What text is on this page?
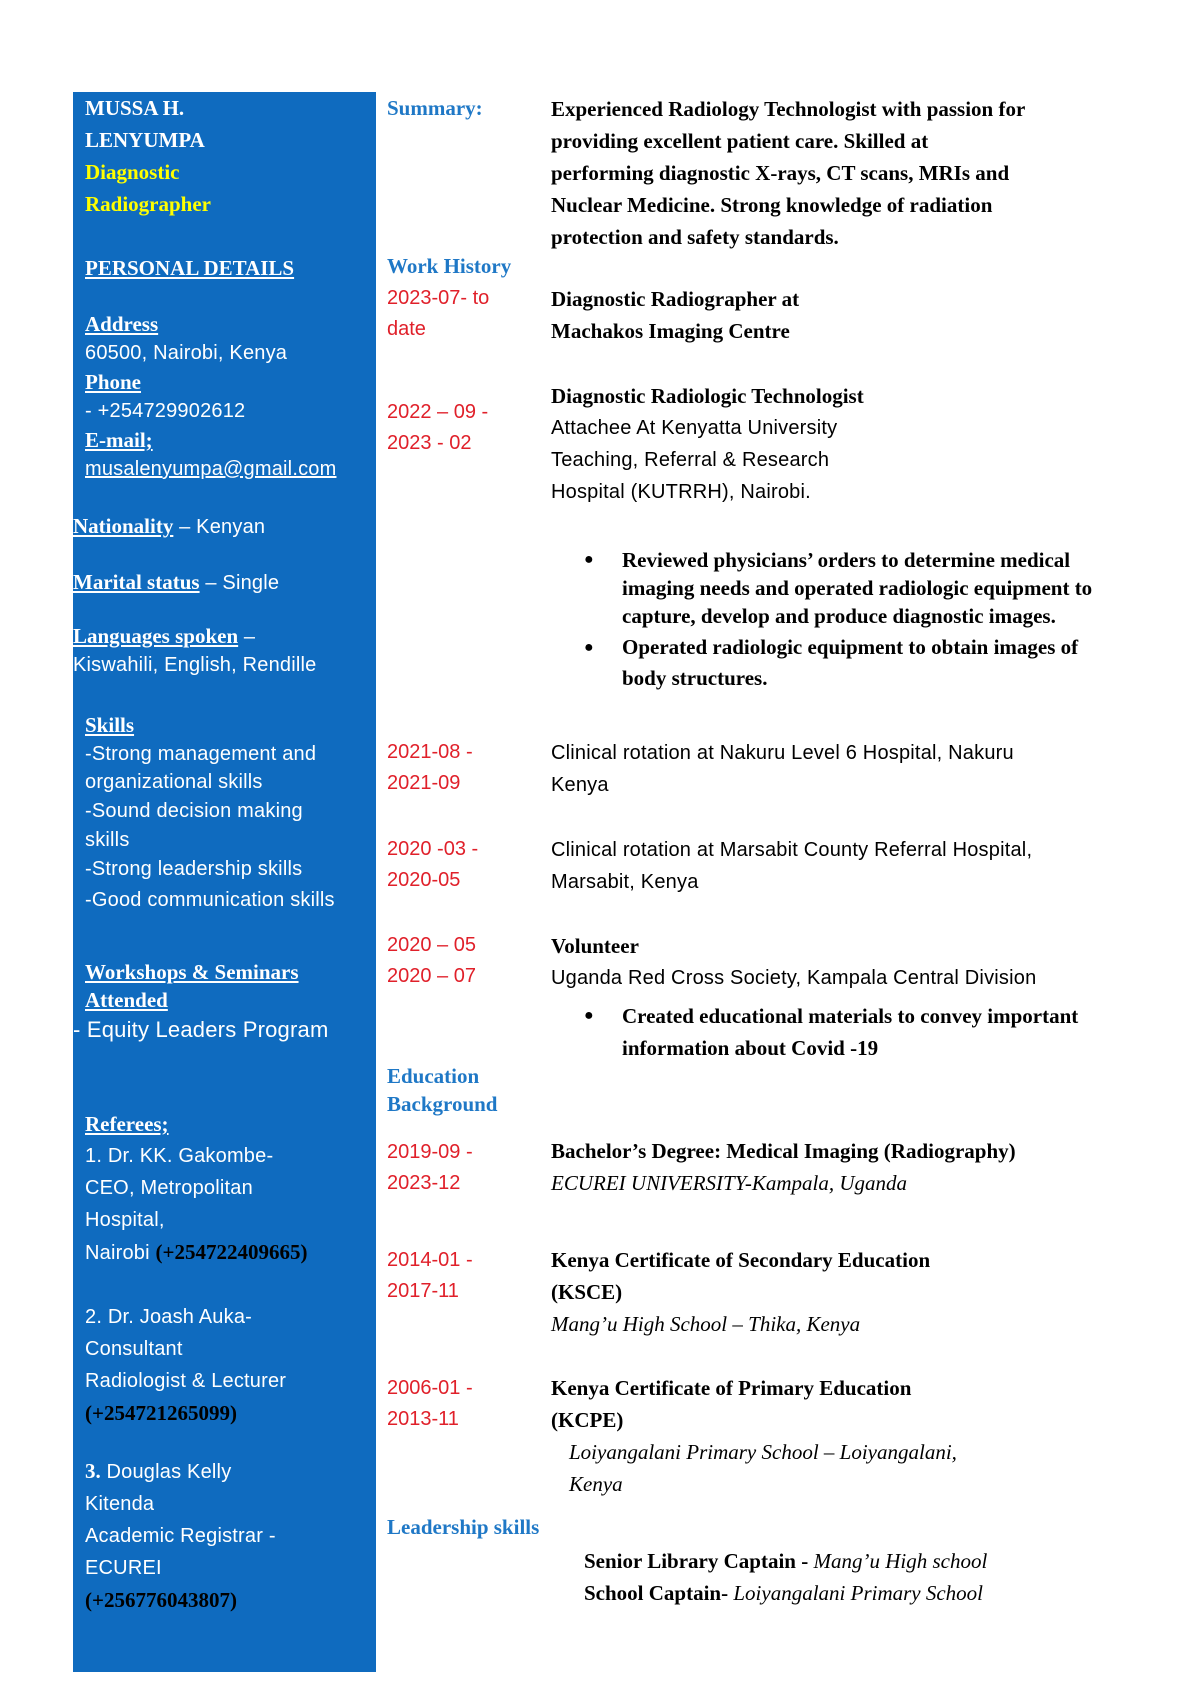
MUSSA H.
LENYUMPA
Diagnostic
Radiographer
PERSONAL DETAILS
Address
60500, Nairobi, Kenya
Phone
- +254729902612
E-mail;
musalenyumpa@gmail.com
Nationality – Kenyan
Marital status – Single
Languages spoken –
Kiswahili, English, Rendille
Skills
-Strong management and
organizational skills
-Sound decision making
skills
-Strong leadership skills
-Good communication skills
Workshops & Seminars
Attended
- Equity Leaders Program
Referees;
1. Dr. KK. Gakombe-
CEO, Metropolitan
Hospital,
Nairobi (+254722409665)
2. Dr. Joash Auka-
Consultant
Radiologist & Lecturer
(+254721265099)
3. Douglas Kelly
Kitenda
Academic Registrar -
ECUREI
(+256776043807)
Summary:	Experienced Radiology Technologist with passion for
providing excellent patient care. Skilled at
performing diagnostic X-rays, CT scans, MRIs and
Nuclear Medicine. Strong knowledge of radiation
protection and safety standards.
Work History
2023-07- to
date
Diagnostic Radiographer at
Machakos Imaging Centre
2022 – 09 -
2023 - 02
Diagnostic Radiologic Technologist
Attachee At Kenyatta University
Teaching, Referral & Research
Hospital (KUTRRH), Nairobi.
● Reviewed physicians’ orders to determine medical imaging needs and operated radiologic equipment to capture, develop and produce diagnostic images.
● Operated radiologic equipment to obtain images of body structures.
2021-08 -
2021-09
Clinical rotation at Nakuru Level 6 Hospital, Nakuru
Kenya
2020 -03 -
2020-05
Clinical rotation at Marsabit County Referral Hospital,
Marsabit, Kenya
2020 – 05
2020 – 07
Volunteer
Uganda Red Cross Society, Kampala Central Division
● Created educational materials to convey important information about Covid -19
Education
Background
2019-09 -
2023-12
Bachelor’s Degree: Medical Imaging (Radiography)
ECUREI UNIVERSITY-Kampala, Uganda
2014-01 -
2017-11
Kenya Certificate of Secondary Education
(KSCE)
Mang’u High School – Thika, Kenya
2006-01 -
2013-11
Kenya Certificate of Primary Education
(KCPE)
Loiyangalani Primary School – Loiyangalani,
Kenya
Leadership skills
Senior Library Captain - Mang’u High school
School Captain- Loiyangalani Primary School
